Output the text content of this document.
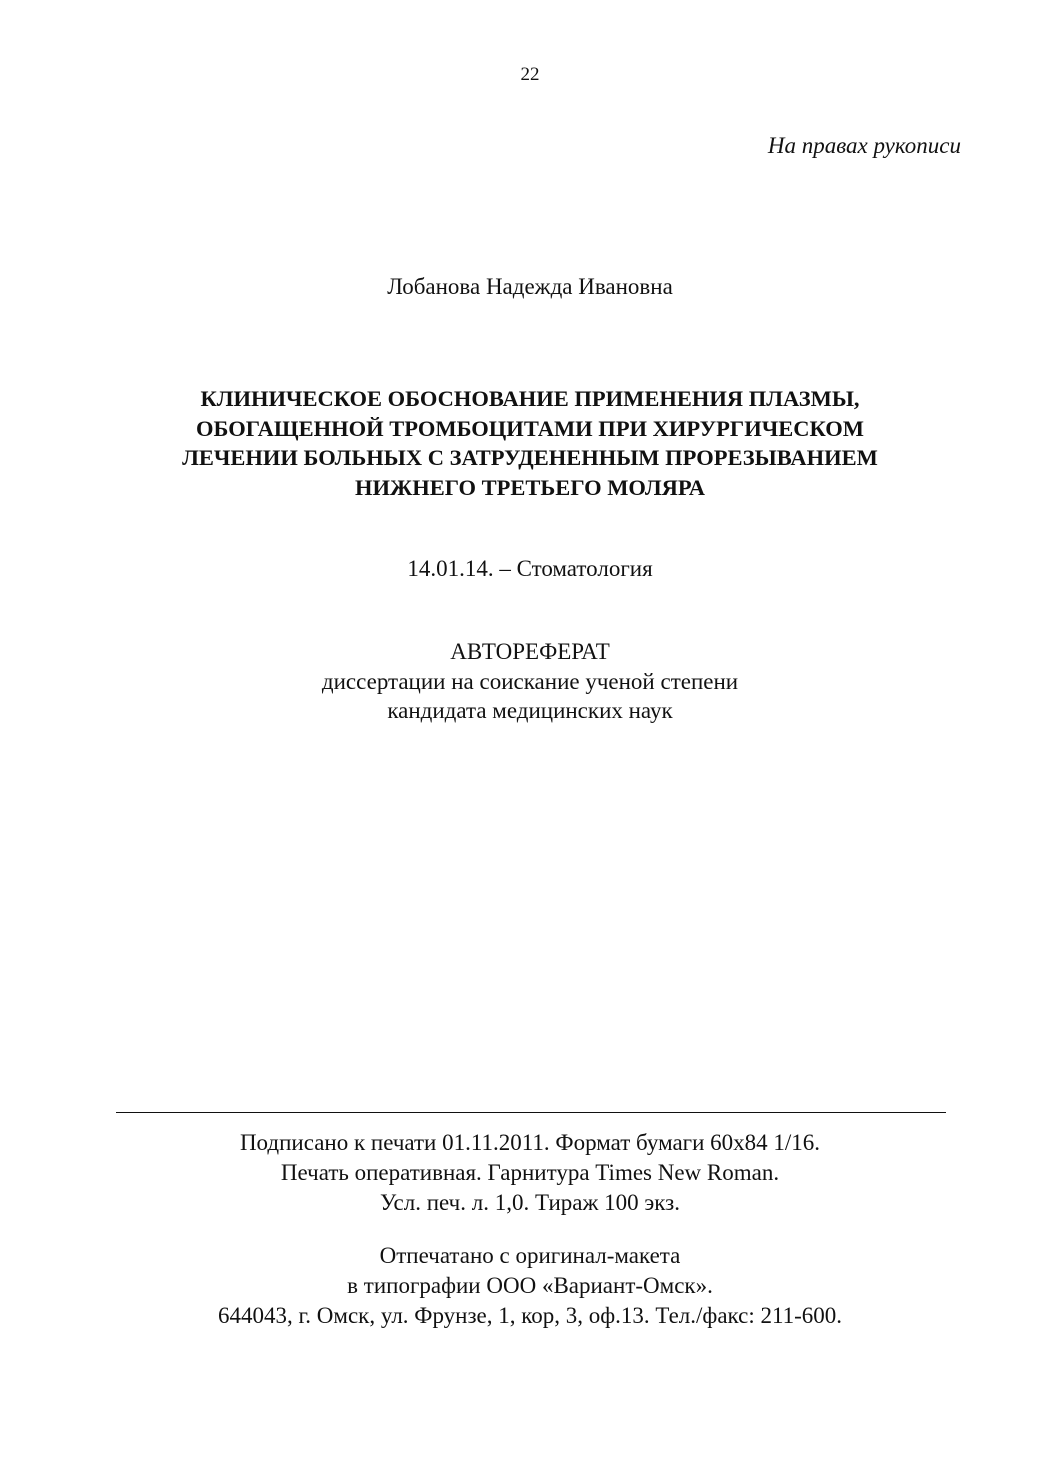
22
На правах рукописи
Лобанова Надежда Ивановна
КЛИНИЧЕСКОЕ ОБОСНОВАНИЕ ПРИМЕНЕНИЯ ПЛАЗМЫ,
ОБОГАЩЕННОЙ ТРОМБОЦИТАМИ ПРИ ХИРУРГИЧЕСКОМ
ЛЕЧЕНИИ БОЛЬНЫХ С ЗАТРУДЕНЕННЫМ ПРОРЕЗЫВАНИЕМ
НИЖНЕГО ТРЕТЬЕГО МОЛЯРА
14.01.14. – Стоматология
АВТОРЕФЕРАТ
диссертации на соискание ученой степени
кандидата медицинских наук
Подписано к печати 01.11.2011. Формат бумаги 60х84 1/16.
Печать оперативная. Гарнитура Times New Roman.
Усл. печ. л. 1,0. Тираж 100 экз.
Отпечатано с оригинал-макета
в типографии ООО «Вариант-Омск».
644043, г. Омск, ул. Фрунзе, 1, кор, 3, оф.13. Тел./факс: 211-600.
